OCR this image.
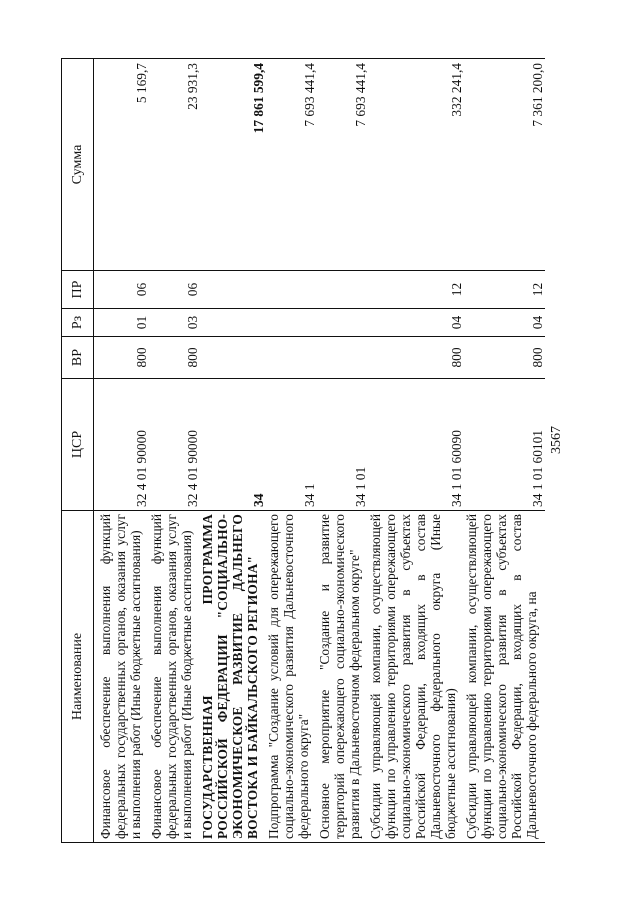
3567
Наименование	ЦСР	ВР	Рз	ПР	Сумма

Финансовое обеспечение выполнения функций федеральных государственных органов, оказания услуг и выполнения работ (Иные бюджетные ассигнования)	32 4 01 90000	800	01	06	5 169,7

Финансовое обеспечение выполнения функций федеральных государственных органов, оказания услуг и выполнения работ (Иные бюджетные ассигнования)	32 4 01 90000	800	03	06	23 931,3

ГОСУДАРСТВЕННАЯ ПРОГРАММА РОССИЙСКОЙ ФЕДЕРАЦИИ "СОЦИАЛЬНО-ЭКОНОМИЧЕСКОЕ РАЗВИТИЕ ДАЛЬНЕГО ВОСТОКА И БАЙКАЛЬСКОГО РЕГИОНА"	34				17 861 599,4

Подпрограмма "Создание условий для опережающего социально-экономического развития Дальневосточного федерального округа"	34 1				7 693 441,4

Основное мероприятие "Создание и развитие территорий опережающего социально-экономического развития в Дальневосточном федеральном округе"	34 1 01				7 693 441,4

Субсидии управляющей компании, осуществляющей функции по управлению территориями опережающего социально-экономического развития в субъектах Российской Федерации, входящих в состав Дальневосточного федерального округа (Иные бюджетные ассигнования)	34 1 01 60090	800	04	12	332 241,4

Субсидии управляющей компании, осуществляющей функции по управлению территориями опережающего социально-экономического развития в субъектах Российской Федерации, входящих в состав Дальневосточного федерального округа, на	34 1 01 60101	800	04	12	7 361 200,0
